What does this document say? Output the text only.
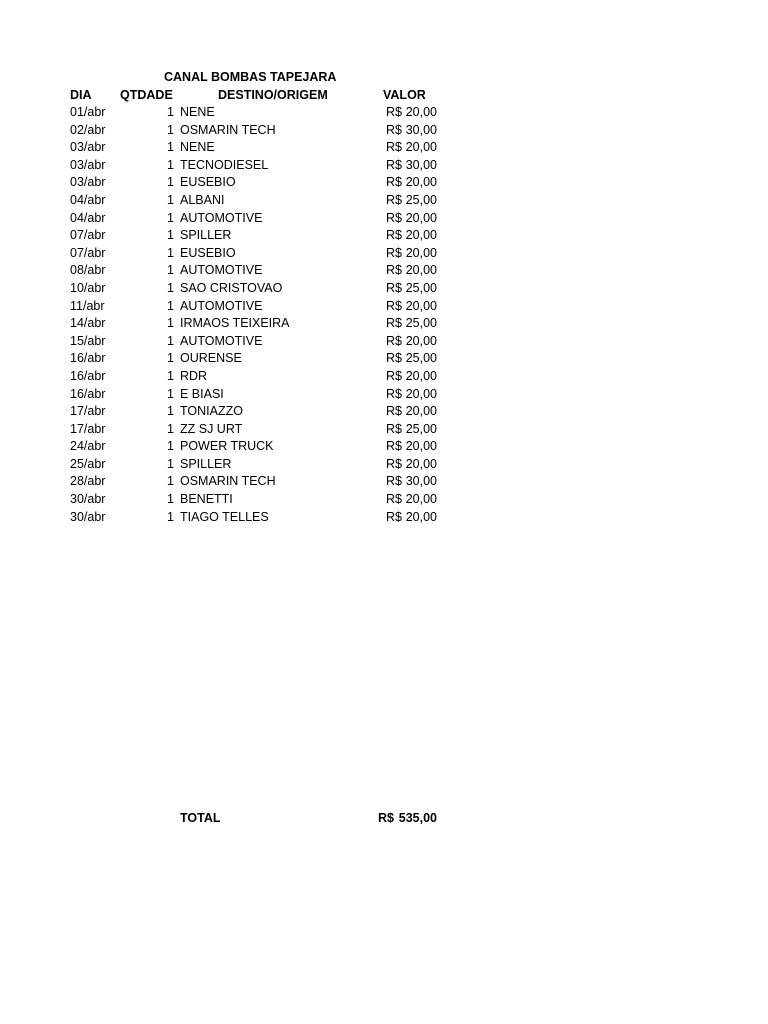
CANAL BOMBAS TAPEJARA
DIA QTDADE	DESTINO/ORIGEM	VALOR
01/abr	1 NENE	R$ 20,00
02/abr	1 OSMARIN TECH	R$ 30,00
03/abr	1 NENE	R$ 20,00
03/abr	1 TECNODIESEL	R$ 30,00
03/abr	1 EUSEBIO	R$ 20,00
04/abr	1 ALBANI	R$ 25,00
04/abr	1 AUTOMOTIVE	R$ 20,00
07/abr	1 SPILLER	R$ 20,00
07/abr	1 EUSEBIO	R$ 20,00
08/abr	1 AUTOMOTIVE	R$ 20,00
10/abr	1 SAO CRISTOVAO	R$ 25,00
11/abr	1 AUTOMOTIVE	R$ 20,00
14/abr	1 IRMAOS TEIXEIRA	R$ 25,00
15/abr	1 AUTOMOTIVE	R$ 20,00
16/abr	1 OURENSE	R$ 25,00
16/abr	1 RDR	R$ 20,00
16/abr	1 E BIASI	R$ 20,00
17/abr	1 TONIAZZO	R$ 20,00
17/abr	1 ZZ SJ URT	R$ 25,00
24/abr	1 POWER TRUCK	R$ 20,00
25/abr	1 SPILLER	R$ 20,00
28/abr	1 OSMARIN TECH	R$ 30,00
30/abr	1 BENETTI	R$ 20,00
30/abr	1 TIAGO TELLES	R$ 20,00
TOTAL	R$ 535,00
